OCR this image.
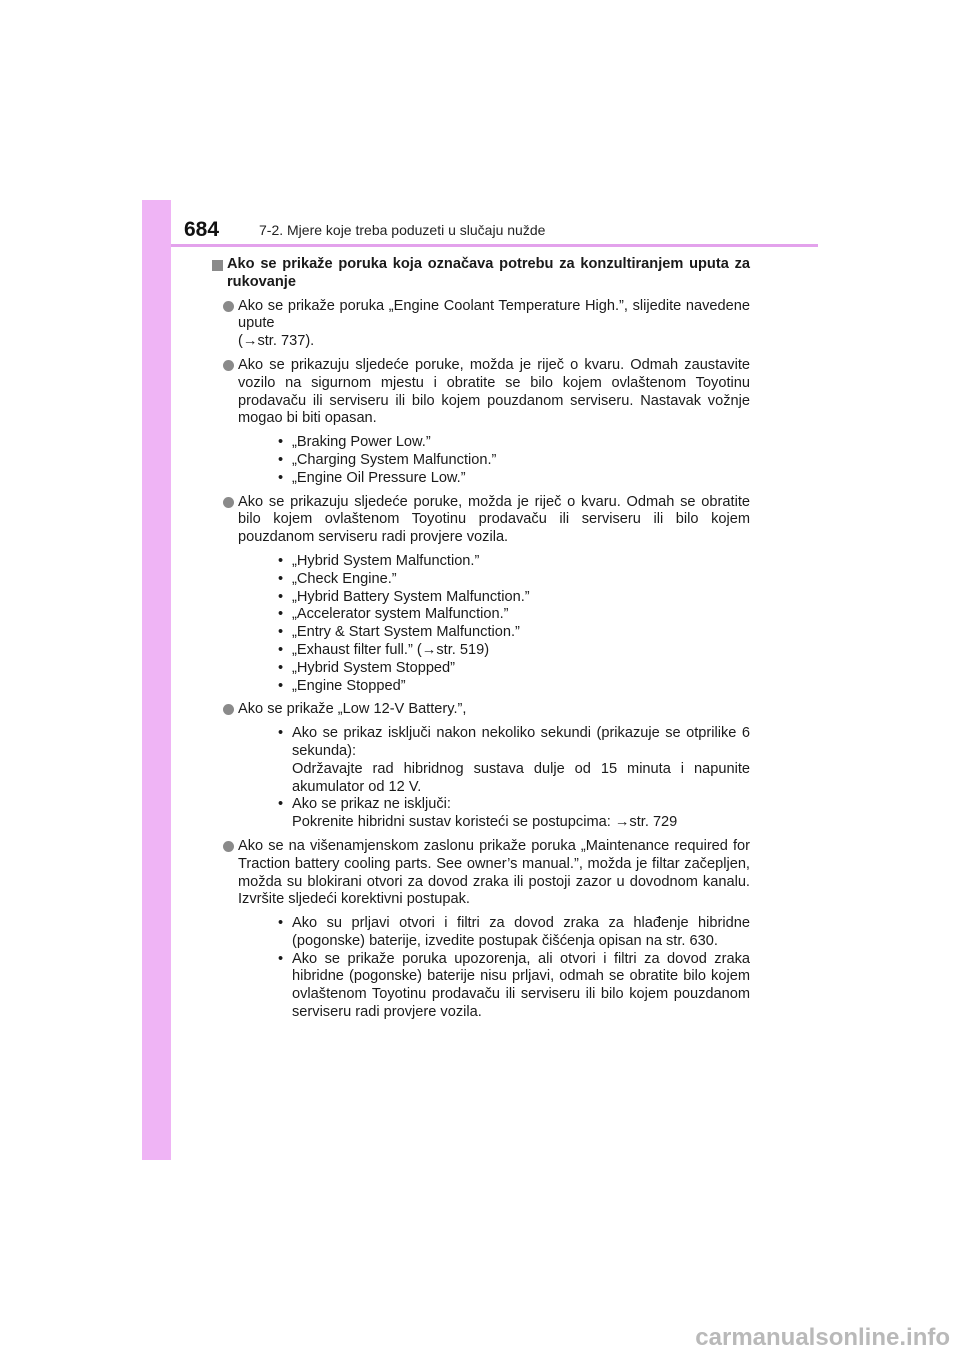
684	7-2. Mjere koje treba poduzeti u slučaju nužde
Ako se prikaže poruka koja označava potrebu za konzultiranjem uputa za rukovanje
Ako se prikaže poruka „Engine Coolant Temperature High.”, slijedite navedene upute
(→str. 737).
Ako se prikazuju sljedeće poruke, možda je riječ o kvaru. Odmah zaustavite vozilo na sigurnom mjestu i obratite se bilo kojem ovlaštenom Toyotinu prodavaču ili serviseru ili bilo kojem pouzdanom serviseru. Nastavak vožnje mogao bi biti opasan.
• „Braking Power Low.”
• „Charging System Malfunction.”
• „Engine Oil Pressure Low.”
Ako se prikazuju sljedeće poruke, možda je riječ o kvaru. Odmah se obratite bilo kojem ovlaštenom Toyotinu prodavaču ili serviseru ili bilo kojem pouzdanom serviseru radi provjere vozila.
• „Hybrid System Malfunction.”
• „Check Engine.”
• „Hybrid Battery System Malfunction.”
• „Accelerator system Malfunction.”
• „Entry & Start System Malfunction.”
• „Exhaust filter full.” (→str. 519)
• „Hybrid System Stopped”
• „Engine Stopped”
Ako se prikaže „Low 12-V Battery.”,
• Ako se prikaz isključi nakon nekoliko sekundi (prikazuje se otprilike 6 sekunda):
Održavajte rad hibridnog sustava dulje od 15 minuta i napunite akumulator od 12 V.
• Ako se prikaz ne isključi:
Pokrenite hibridni sustav koristeći se postupcima: →str. 729
Ako se na višenamjenskom zaslonu prikaže poruka „Maintenance required for Traction battery cooling parts. See owner’s manual.”, možda je filtar začepljen, možda su blokirani otvori za dovod zraka ili postoji zazor u dovodnom kanalu. Izvršite sljedeći korektivni postupak.
• Ako su prljavi otvori i filtri za dovod zraka za hlađenje hibridne (pogonske) baterije, izvedite postupak čišćenja opisan na str. 630.
• Ako se prikaže poruka upozorenja, ali otvori i filtri za dovod zraka hibridne (pogonske) baterije nisu prljavi, odmah se obratite bilo kojem ovlaštenom Toyotinu prodavaču ili serviseru ili bilo kojem pouzdanom serviseru radi provjere vozila.
carmanualsonline.info
